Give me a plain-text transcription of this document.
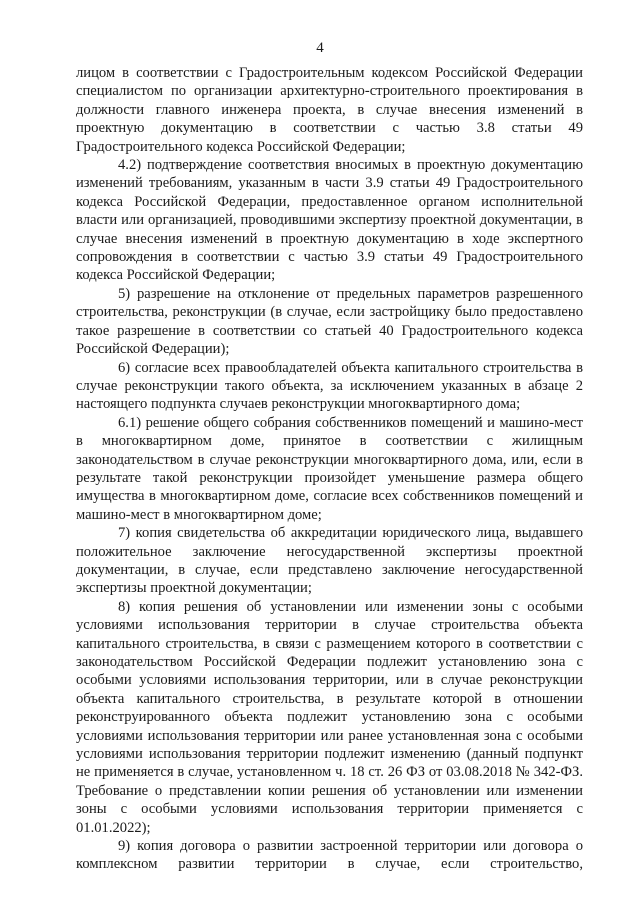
4

лицом в соответствии с Градостроительным кодексом Российской Федерации специалистом по организации архитектурно-строительного проектирования в должности главного инженера проекта, в случае внесения изменений в проектную документацию в соответствии с частью 3.8 статьи 49 Градостроительного кодекса Российской Федерации;

4.2) подтверждение соответствия вносимых в проектную документацию изменений требованиям, указанным в части 3.9 статьи 49 Градостроительного кодекса Российской Федерации, предоставленное органом исполнительной власти или организацией, проводившими экспертизу проектной документации, в случае внесения изменений в проектную документацию в ходе экспертного сопровождения в соответствии с частью 3.9 статьи 49 Градостроительного кодекса Российской Федерации;

5) разрешение на отклонение от предельных параметров разрешенного строительства, реконструкции (в случае, если застройщику было предоставлено такое разрешение в соответствии со статьей 40 Градостроительного кодекса Российской Федерации);

6) согласие всех правообладателей объекта капитального строительства в случае реконструкции такого объекта, за исключением указанных в абзаце 2 настоящего подпункта случаев реконструкции многоквартирного дома;

6.1) решение общего собрания собственников помещений и машино-мест в многоквартирном доме, принятое в соответствии с жилищным законодательством в случае реконструкции многоквартирного дома, или, если в результате такой реконструкции произойдет уменьшение размера общего имущества в многоквартирном доме, согласие всех собственников помещений и машино-мест в многоквартирном доме;

7) копия свидетельства об аккредитации юридического лица, выдавшего положительное заключение негосударственной экспертизы проектной документации, в случае, если представлено заключение негосударственной экспертизы проектной документации;

8) копия решения об установлении или изменении зоны с особыми условиями использования территории в случае строительства объекта капитального строительства, в связи с размещением которого в соответствии с законодательством Российской Федерации подлежит установлению зона с особыми условиями использования территории, или в случае реконструкции объекта капитального строительства, в результате которой в отношении реконструированного объекта подлежит установлению зона с особыми условиями использования территории или ранее установленная зона с особыми условиями использования территории подлежит изменению (данный подпункт не применяется в случае, установленном ч. 18 ст. 26 ФЗ от 03.08.2018 № 342-ФЗ. Требование о представлении копии решения об установлении или изменении зоны с особыми условиями использования территории применяется с 01.01.2022);

9) копия договора о развитии застроенной территории или договора о комплексном развитии территории в случае, если строительство,
